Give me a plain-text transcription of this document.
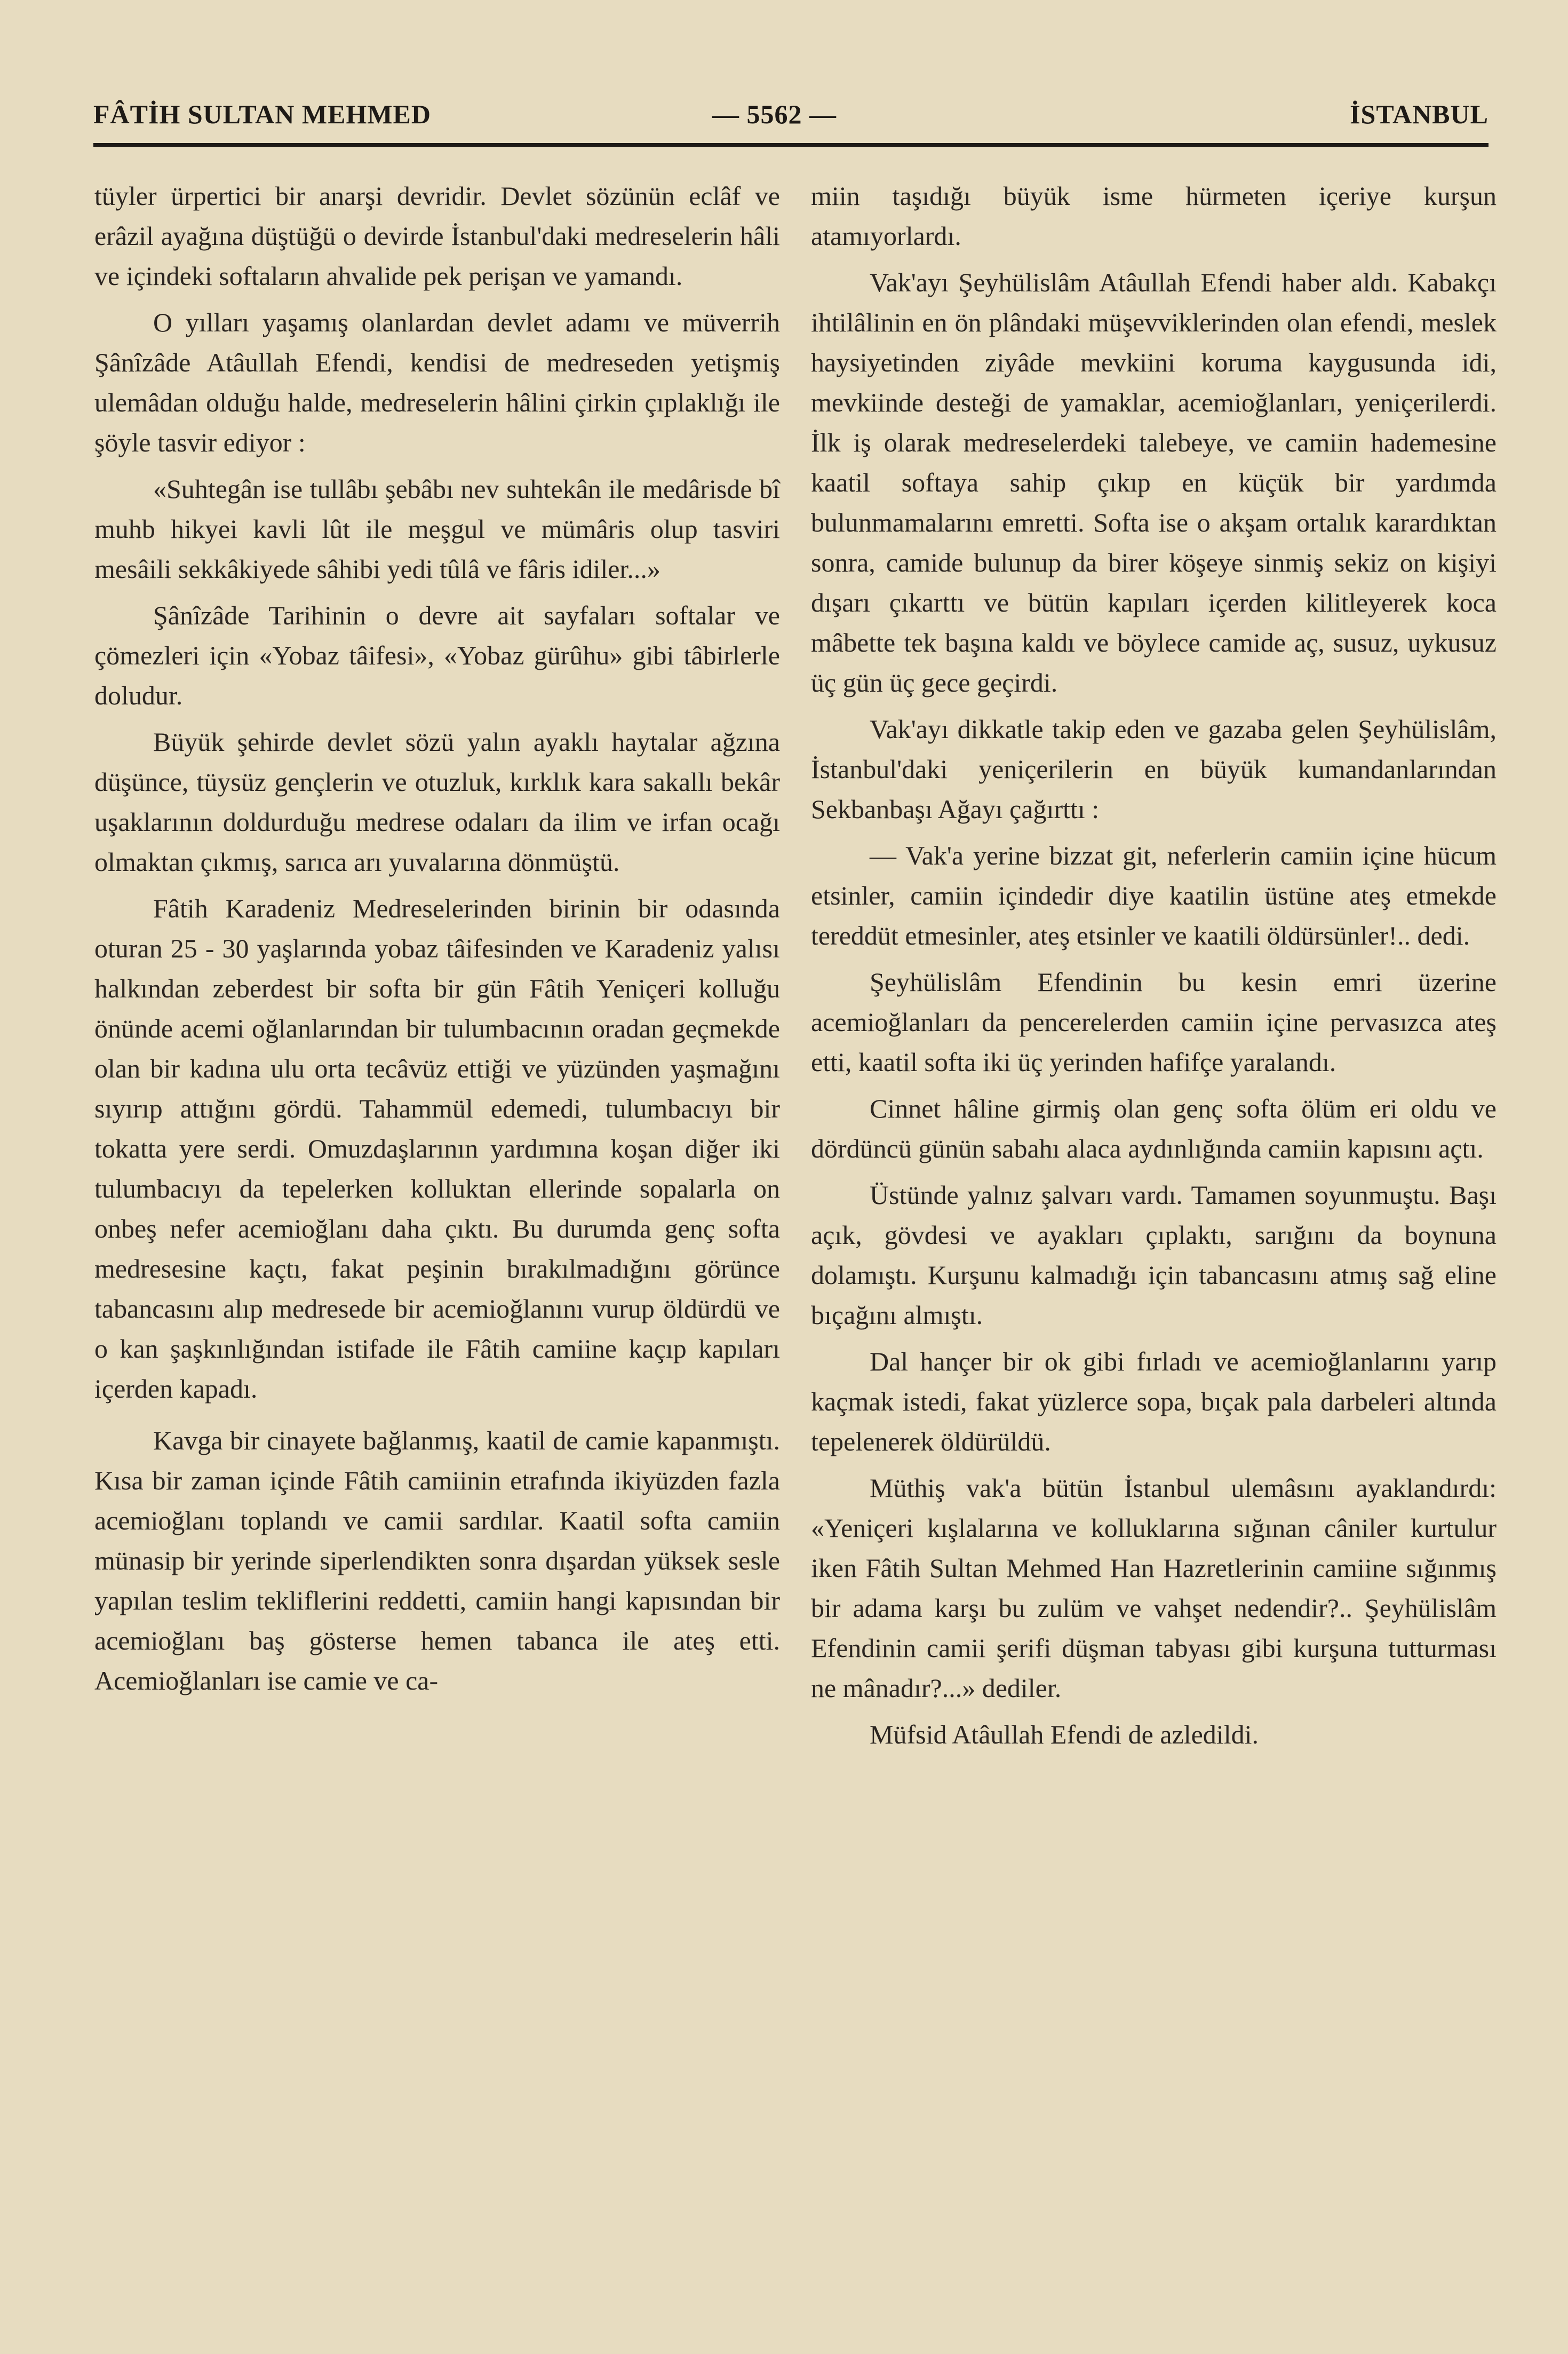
FÂTİH SULTAN MEHMED	— 5562 —	İSTANBUL

tüyler ürpertici bir anarşi devridir. Devlet sözünün eclâf ve erâzil ayağına düştüğü o devirde İstanbul'daki medreselerin hâli ve içindeki softaların ahvalide pek perişan ve yamandı.

O yılları yaşamış olanlardan devlet adamı ve müverrih Şânîzâde Atâullah Efendi, kendisi de medreseden yetişmiş ulemâdan olduğu halde, medreselerin hâlini çirkin çıplaklığı ile şöyle tasvir ediyor :

«Suhtegân ise tullâbı şebâbı nev suhtekân ile medârisde bî muhb hikyei kavli lût ile meşgul ve mümâris olup tasviri mesâili sekkâkiyede sâhibi yedi tûlâ ve fâris idiler...»

Şânîzâde Tarihinin o devre ait sayfaları softalar ve çömezleri için «Yobaz tâifesi», «Yobaz gürûhu» gibi tâbirlerle doludur.

Büyük şehirde devlet sözü yalın ayaklı haytalar ağzına düşünce, tüysüz gençlerin ve otuzluk, kırklık kara sakallı bekâr uşaklarının doldurduğu medrese odaları da ilim ve irfan ocağı olmaktan çıkmış, sarıca arı yuvalarına dönmüştü.

Fâtih Karadeniz Medreselerinden birinin bir odasında oturan 25 - 30 yaşlarında yobaz tâifesinden ve Karadeniz yalısı halkından zeberdest bir softa bir gün Fâtih Yeniçeri kolluğu önünde acemi oğlanlarından bir tulumbacının oradan geçmekde olan bir kadına ulu orta tecâvüz ettiği ve yüzünden yaşmağını sıyırıp attığını gördü. Tahammül edemedi, tulumbacıyı bir tokatta yere serdi. Omuzdaşlarının yardımına koşan diğer iki tulumbacıyı da tepelerken kolluktan ellerinde sopalarla on onbeş nefer acemioğlanı daha çıktı. Bu durumda genç softa medresesine kaçtı, fakat peşinin bırakılmadığını görünce tabancasını alıp medresede bir acemioğlanını vurup öldürdü ve o kan şaşkınlığından istifade ile Fâtih camiine kaçıp kapıları içerden kapadı.

Kavga bir cinayete bağlanmış, kaatil de camie kapanmıştı. Kısa bir zaman içinde Fâtih camiinin etrafında ikiyüzden fazla acemioğlanı toplandı ve camii sardılar. Kaatil softa camiin münasip bir yerinde siperlendikten sonra dışardan yüksek sesle yapılan teslim tekliflerini reddetti, camiin hangi kapısından bir acemioğlanı baş gösterse hemen tabanca ile ateş etti. Acemioğlanları ise camie ve ca-

miin taşıdığı büyük isme hürmeten içeriye kurşun atamıyorlardı.

Vak'ayı Şeyhülislâm Atâullah Efendi haber aldı. Kabakçı ihtilâlinin en ön plândaki müşevviklerinden olan efendi, meslek haysiyetinden ziyâde mevkiini koruma kaygusunda idi, mevkiinde desteği de yamaklar, acemioğlanları, yeniçerilerdi. İlk iş olarak medreselerdeki talebeye, ve camiin hademesine kaatil softaya sahip çıkıp en küçük bir yardımda bulunmamalarını emretti. Softa ise o akşam ortalık karardıktan sonra, camide bulunup da birer köşeye sinmiş sekiz on kişiyi dışarı çıkarttı ve bütün kapıları içerden kilitleyerek koca mâbette tek başına kaldı ve böylece camide aç, susuz, uykusuz üç gün üç gece geçirdi.

Vak'ayı dikkatle takip eden ve gazaba gelen Şeyhülislâm, İstanbul'daki yeniçerilerin en büyük kumandanlarından Sekbanbaşı Ağayı çağırttı :

— Vak'a yerine bizzat git, neferlerin camiin içine hücum etsinler, camiin içindedir diye kaatilin üstüne ateş etmekde tereddüt etmesinler, ateş etsinler ve kaatili öldürsünler!.. dedi.

Şeyhülislâm Efendinin bu kesin emri üzerine acemioğlanları da pencerelerden camiin içine pervasızca ateş etti, kaatil softa iki üç yerinden hafifçe yaralandı.

Cinnet hâline girmiş olan genç softa ölüm eri oldu ve dördüncü günün sabahı alaca aydınlığında camiin kapısını açtı.

Üstünde yalnız şalvarı vardı. Tamamen soyunmuştu. Başı açık, gövdesi ve ayakları çıplaktı, sarığını da boynuna dolamıştı. Kurşunu kalmadığı için tabancasını atmış sağ eline bıçağını almıştı.

Dal hançer bir ok gibi fırladı ve acemioğlanlarını yarıp kaçmak istedi, fakat yüzlerce sopa, bıçak pala darbeleri altında tepelenerek öldürüldü.

Müthiş vak'a bütün İstanbul ulemâsını ayaklandırdı: «Yeniçeri kışlalarına ve kolluklarına sığınan câniler kurtulur iken Fâtih Sultan Mehmed Han Hazretlerinin camiine sığınmış bir adama karşı bu zulüm ve vahşet nedendir?.. Şeyhülislâm Efendinin camii şerifi düşman tabyası gibi kurşuna tutturması ne mânadır?...» dediler.

Müfsid Atâullah Efendi de azledildi.
